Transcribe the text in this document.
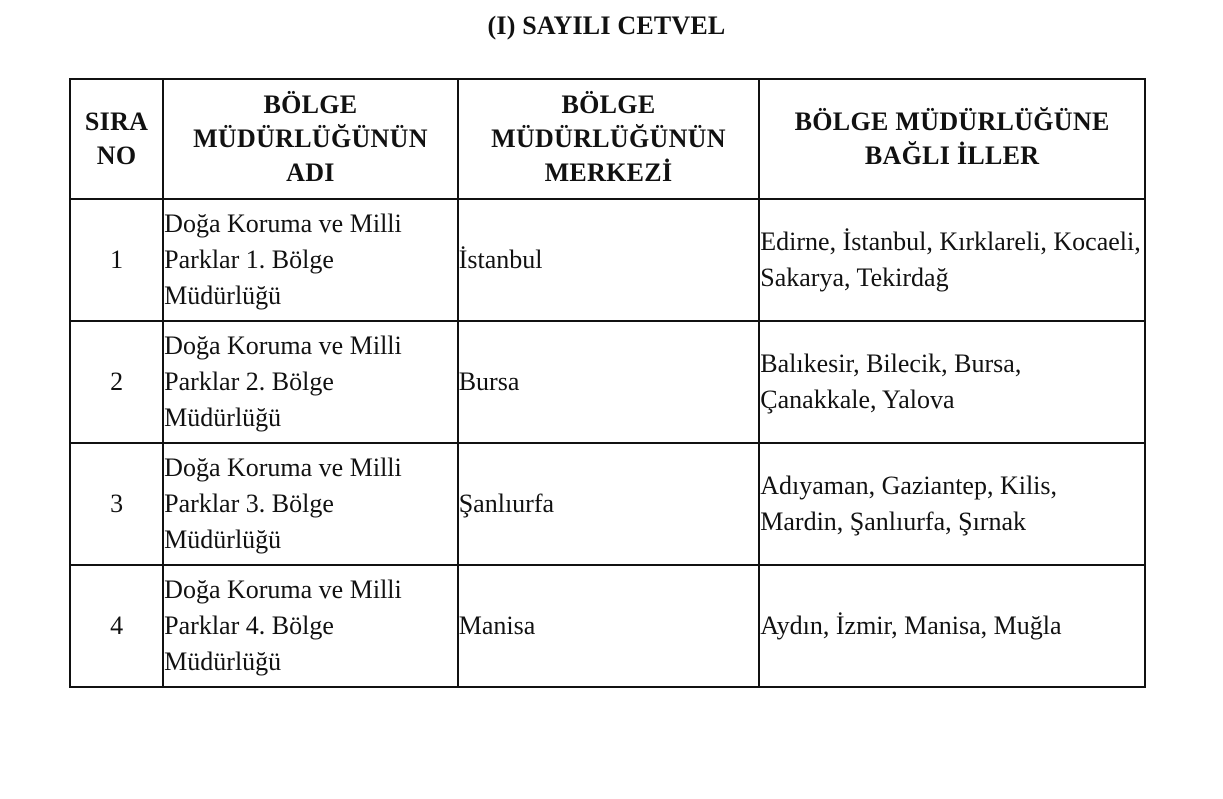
(I) SAYILI CETVEL
SIRA NO	BÖLGE MÜDÜRLÜĞÜNÜN ADI	BÖLGE MÜDÜRLÜĞÜNÜN MERKEZİ	BÖLGE MÜDÜRLÜĞÜNE BAĞLI İLLER

1	Doğa Koruma ve Milli Parklar 1. Bölge Müdürlüğü	İstanbul	Edirne, İstanbul, Kırklareli, Kocaeli, Sakarya, Tekirdağ

2	Doğa Koruma ve Milli Parklar 2. Bölge Müdürlüğü	Bursa	Balıkesir, Bilecik, Bursa, Çanakkale, Yalova

3	Doğa Koruma ve Milli Parklar 3. Bölge Müdürlüğü	Şanlıurfa	Adıyaman, Gaziantep, Kilis, Mardin, Şanlıurfa, Şırnak

4	Doğa Koruma ve Milli Parklar 4. Bölge Müdürlüğü	Manisa	Aydın, İzmir, Manisa, Muğla
